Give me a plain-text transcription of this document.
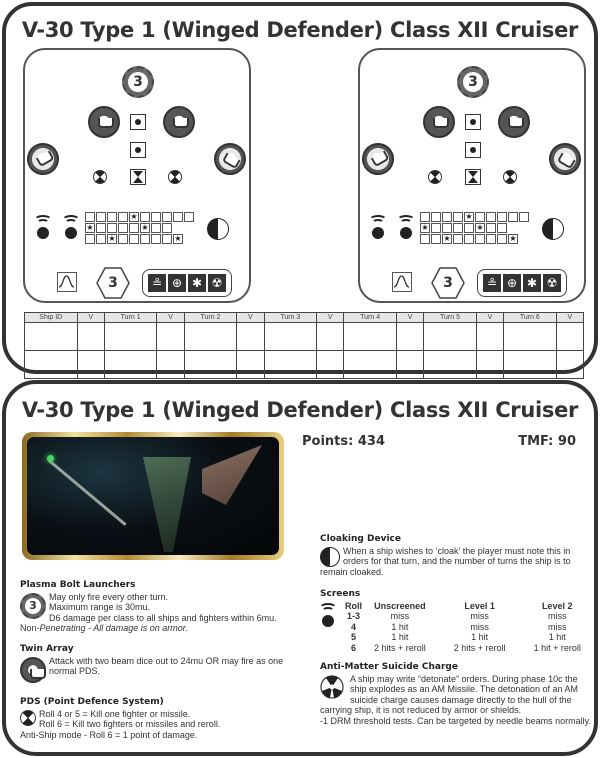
V-30 Type 1 (Winged Defender) Class XII Cruiser
3
★
★	★
★	★
3	≗ ⊕ ✱ ☢
3
★
★	★
★	★
3	≗ ⊕ ✱ ☢
Ship ID	V	Turn 1	V	Turn 2	V	Turn 3	V	Turn 4	V	Turn 5	V	Turn 6	V

V-30 Type 1 (Winged Defender) Class XII Cruiser
Points: 434	TMF: 90
Plasma Bolt Launchers
3
May only fire every other turn.
Maximum range is 30mu.
D6 damage per class to all ships and fighters within 6mu.
Non-Penetrating - All damage is on armor.
Twin Array
Attack with two beam dice out to 24mu OR may fire as one normal PDS.
PDS (Point Defence System)
Roll 4 or 5 = Kill one fighter or missile.
Roll 6 = Kill two fighters or missiles and reroll.
Anti-Ship mode - Roll 6 = 1 point of damage.
Cloaking Device
When a ship wishes to ‘cloak’ the player must note this in orders for that turn, and the number of turns the ship is to remain cloaked.
Screens
Roll	Unscreened	Level 1	Level 2
1-3	miss	miss	miss
4	1 hit	miss	miss
5	1 hit	1 hit	1 hit
6	2 hits + reroll	2 hits + reroll	1 hit + reroll
Anti-Matter Suicide Charge
A ship may write “detonate” orders. During phase 10c the ship explodes as an AM Missile. The detonation of an AM suicide charge causes damage directly to the hull of the carrying ship, it is not reduced by armor or shields.
-1 DRM threshold tests. Can be targeted by needle beams normally.
